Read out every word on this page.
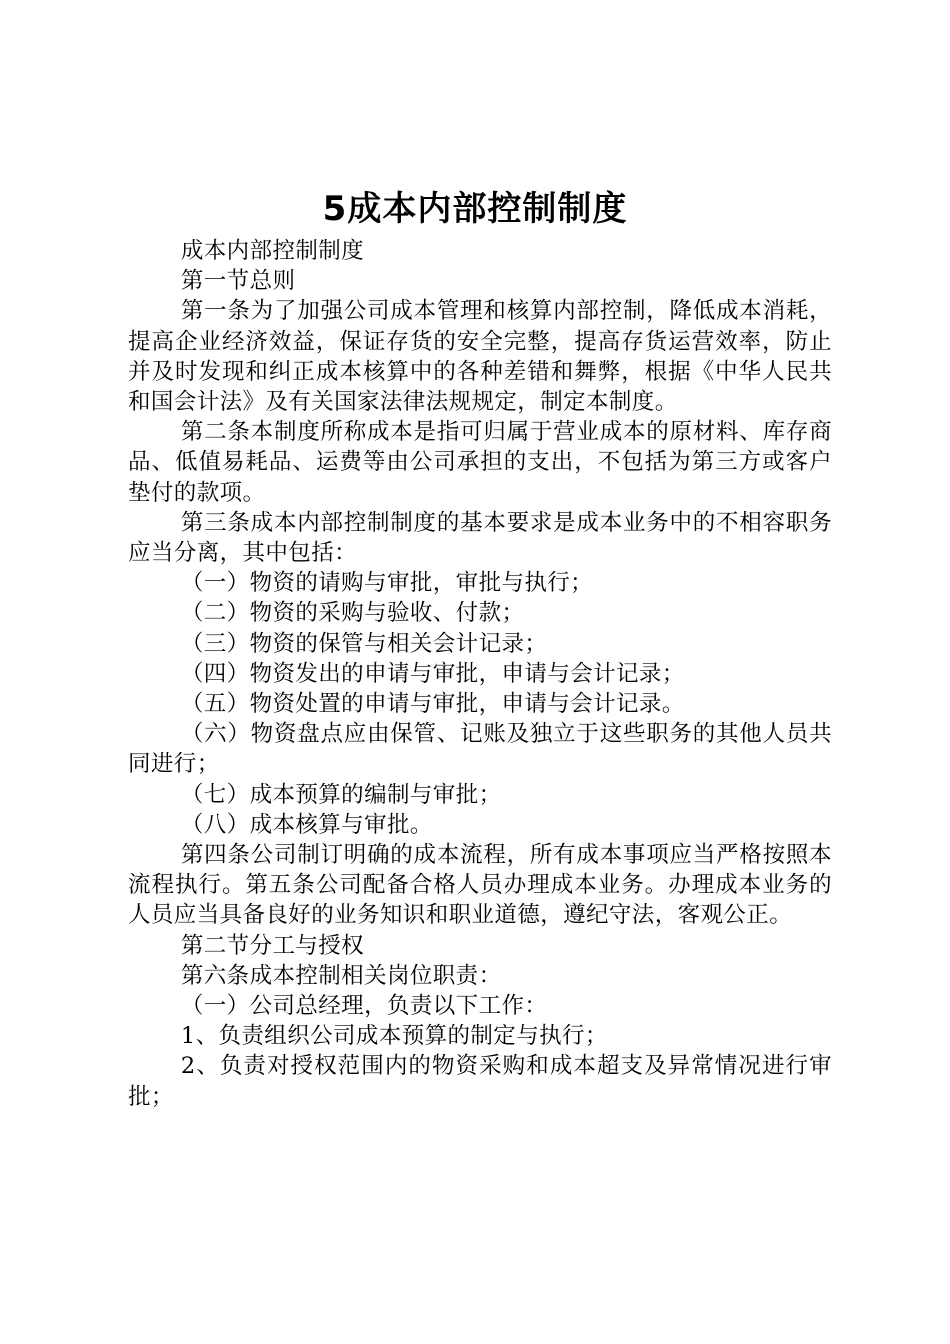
5成本内部控制制度

成本内部控制制度

第一节总则

第一条为了加强公司成本管理和核算内部控制，降低成本消耗，提高企业经济效益，保证存货的安全完整，提高存货运营效率，防止并及时发现和纠正成本核算中的各种差错和舞弊，根据《中华人民共和国会计法》及有关国家法律法规规定，制定本制度。

第二条本制度所称成本是指可归属于营业成本的原材料、库存商品、低值易耗品、运费等由公司承担的支出，不包括为第三方或客户垫付的款项。

第三条成本内部控制制度的基本要求是成本业务中的不相容职务应当分离，其中包括：

（一）物资的请购与审批，审批与执行；

（二）物资的采购与验收、付款；

（三）物资的保管与相关会计记录；

（四）物资发出的申请与审批，申请与会计记录；

（五）物资处置的申请与审批，申请与会计记录。

（六）物资盘点应由保管、记账及独立于这些职务的其他人员共同进行；

（七）成本预算的编制与审批；

（八）成本核算与审批。

第四条公司制订明确的成本流程，所有成本事项应当严格按照本流程执行。第五条公司配备合格人员办理成本业务。办理成本业务的人员应当具备良好的业务知识和职业道德，遵纪守法，客观公正。

第二节分工与授权

第六条成本控制相关岗位职责：

（一）公司总经理，负责以下工作：

1、负责组织公司成本预算的制定与执行；

2、负责对授权范围内的物资采购和成本超支及异常情况进行审批；
